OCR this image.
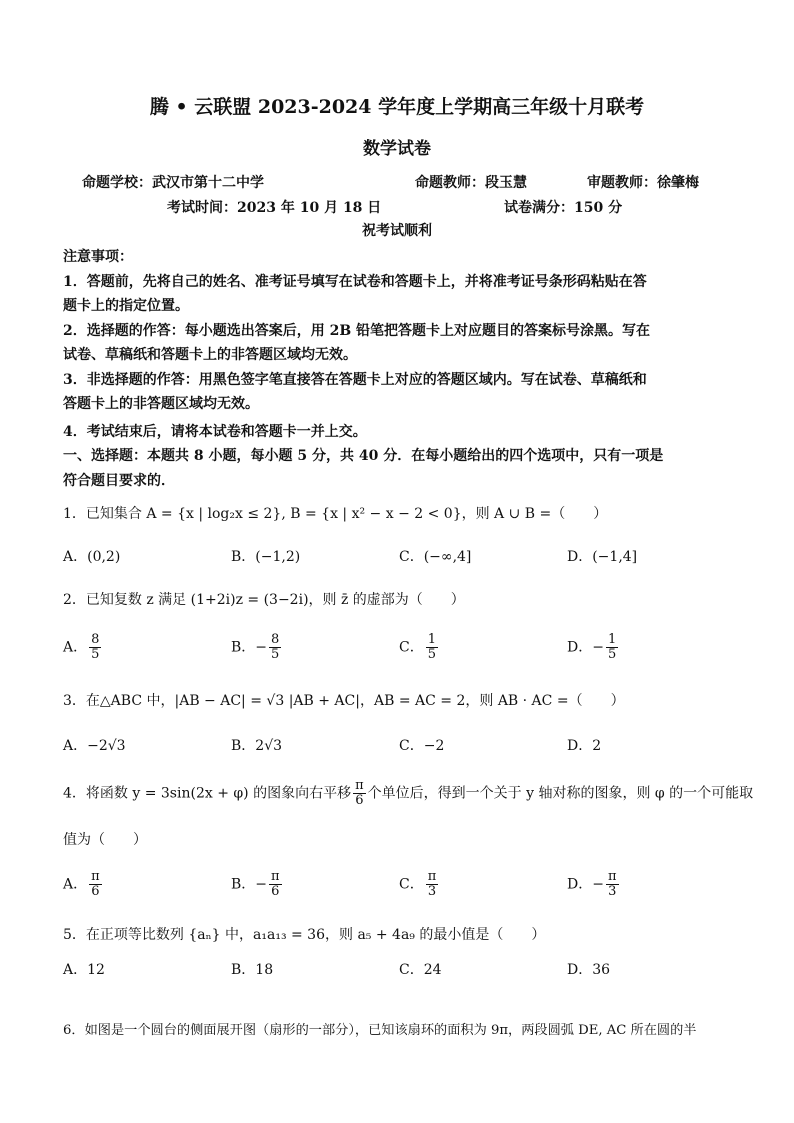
腾 • 云联盟 2023-2024 学年度上学期高三年级十月联考
数学试卷
命题学校：武汉市第十二中学	命题教师：段玉慧	审题教师：徐肇梅
考试时间：2023 年 10 月 18 日	试卷满分：150 分
祝考试顺利
注意事项：
1．答题前，先将自己的姓名、准考证号填写在试卷和答题卡上，并将准考证号条形码粘贴在答
题卡上的指定位置。
2．选择题的作答：每小题选出答案后，用 2B 铅笔把答题卡上对应题目的答案标号涂黑。写在
试卷、草稿纸和答题卡上的非答题区域均无效。
3．非选择题的作答：用黑色签字笔直接答在答题卡上对应的答题区域内。写在试卷、草稿纸和
答题卡上的非答题区域均无效。
4．考试结束后，请将本试卷和答题卡一并上交。
一、选择题：本题共 8 小题，每小题 5 分，共 40 分．在每小题给出的四个选项中，只有一项是
符合题目要求的．
1．已知集合 A = {x | log₂x ≤ 2}, B = {x | x² − x − 2 < 0}，则 A ∪ B =（　　）
A．(0,2)	B．(−1,2)	C．(−∞,4]	D．(−1,4]
2．已知复数 z 满足 (1+2i)z = (3−2i)，则 z̄ 的虚部为（　　）
A． $\frac{8}{5}$	B．− $\frac{8}{5}$	C． $\frac{1}{5}$	D．− $\frac{1}{5}$
3．在△ABC 中，|AB − AC| = √3 |AB + AC|，AB = AC = 2，则 AB · AC =（　　）
A．−2√3	B．2√3	C．−2	D．2
4．将函数 y = 3sin(2x + φ) 的图象向右平移 $\frac{\pi}{6}$ 个单位后，得到一个关于 y 轴对称的图象，则 φ 的一个可能取
值为（　　）
A． $\frac{\pi}{6}$	B．− $\frac{\pi}{6}$	C． $\frac{\pi}{3}$	D．− $\frac{\pi}{3}$
5．在正项等比数列 {aₙ} 中，a₁a₁₃ = 36，则 a₅ + 4a₉ 的最小值是（　　）
A．12	B．18	C．24	D．36
6．如图是一个圆台的侧面展开图（扇形的一部分），已知该扇环的面积为 9π，两段圆弧 DE, AC 所在圆的半
